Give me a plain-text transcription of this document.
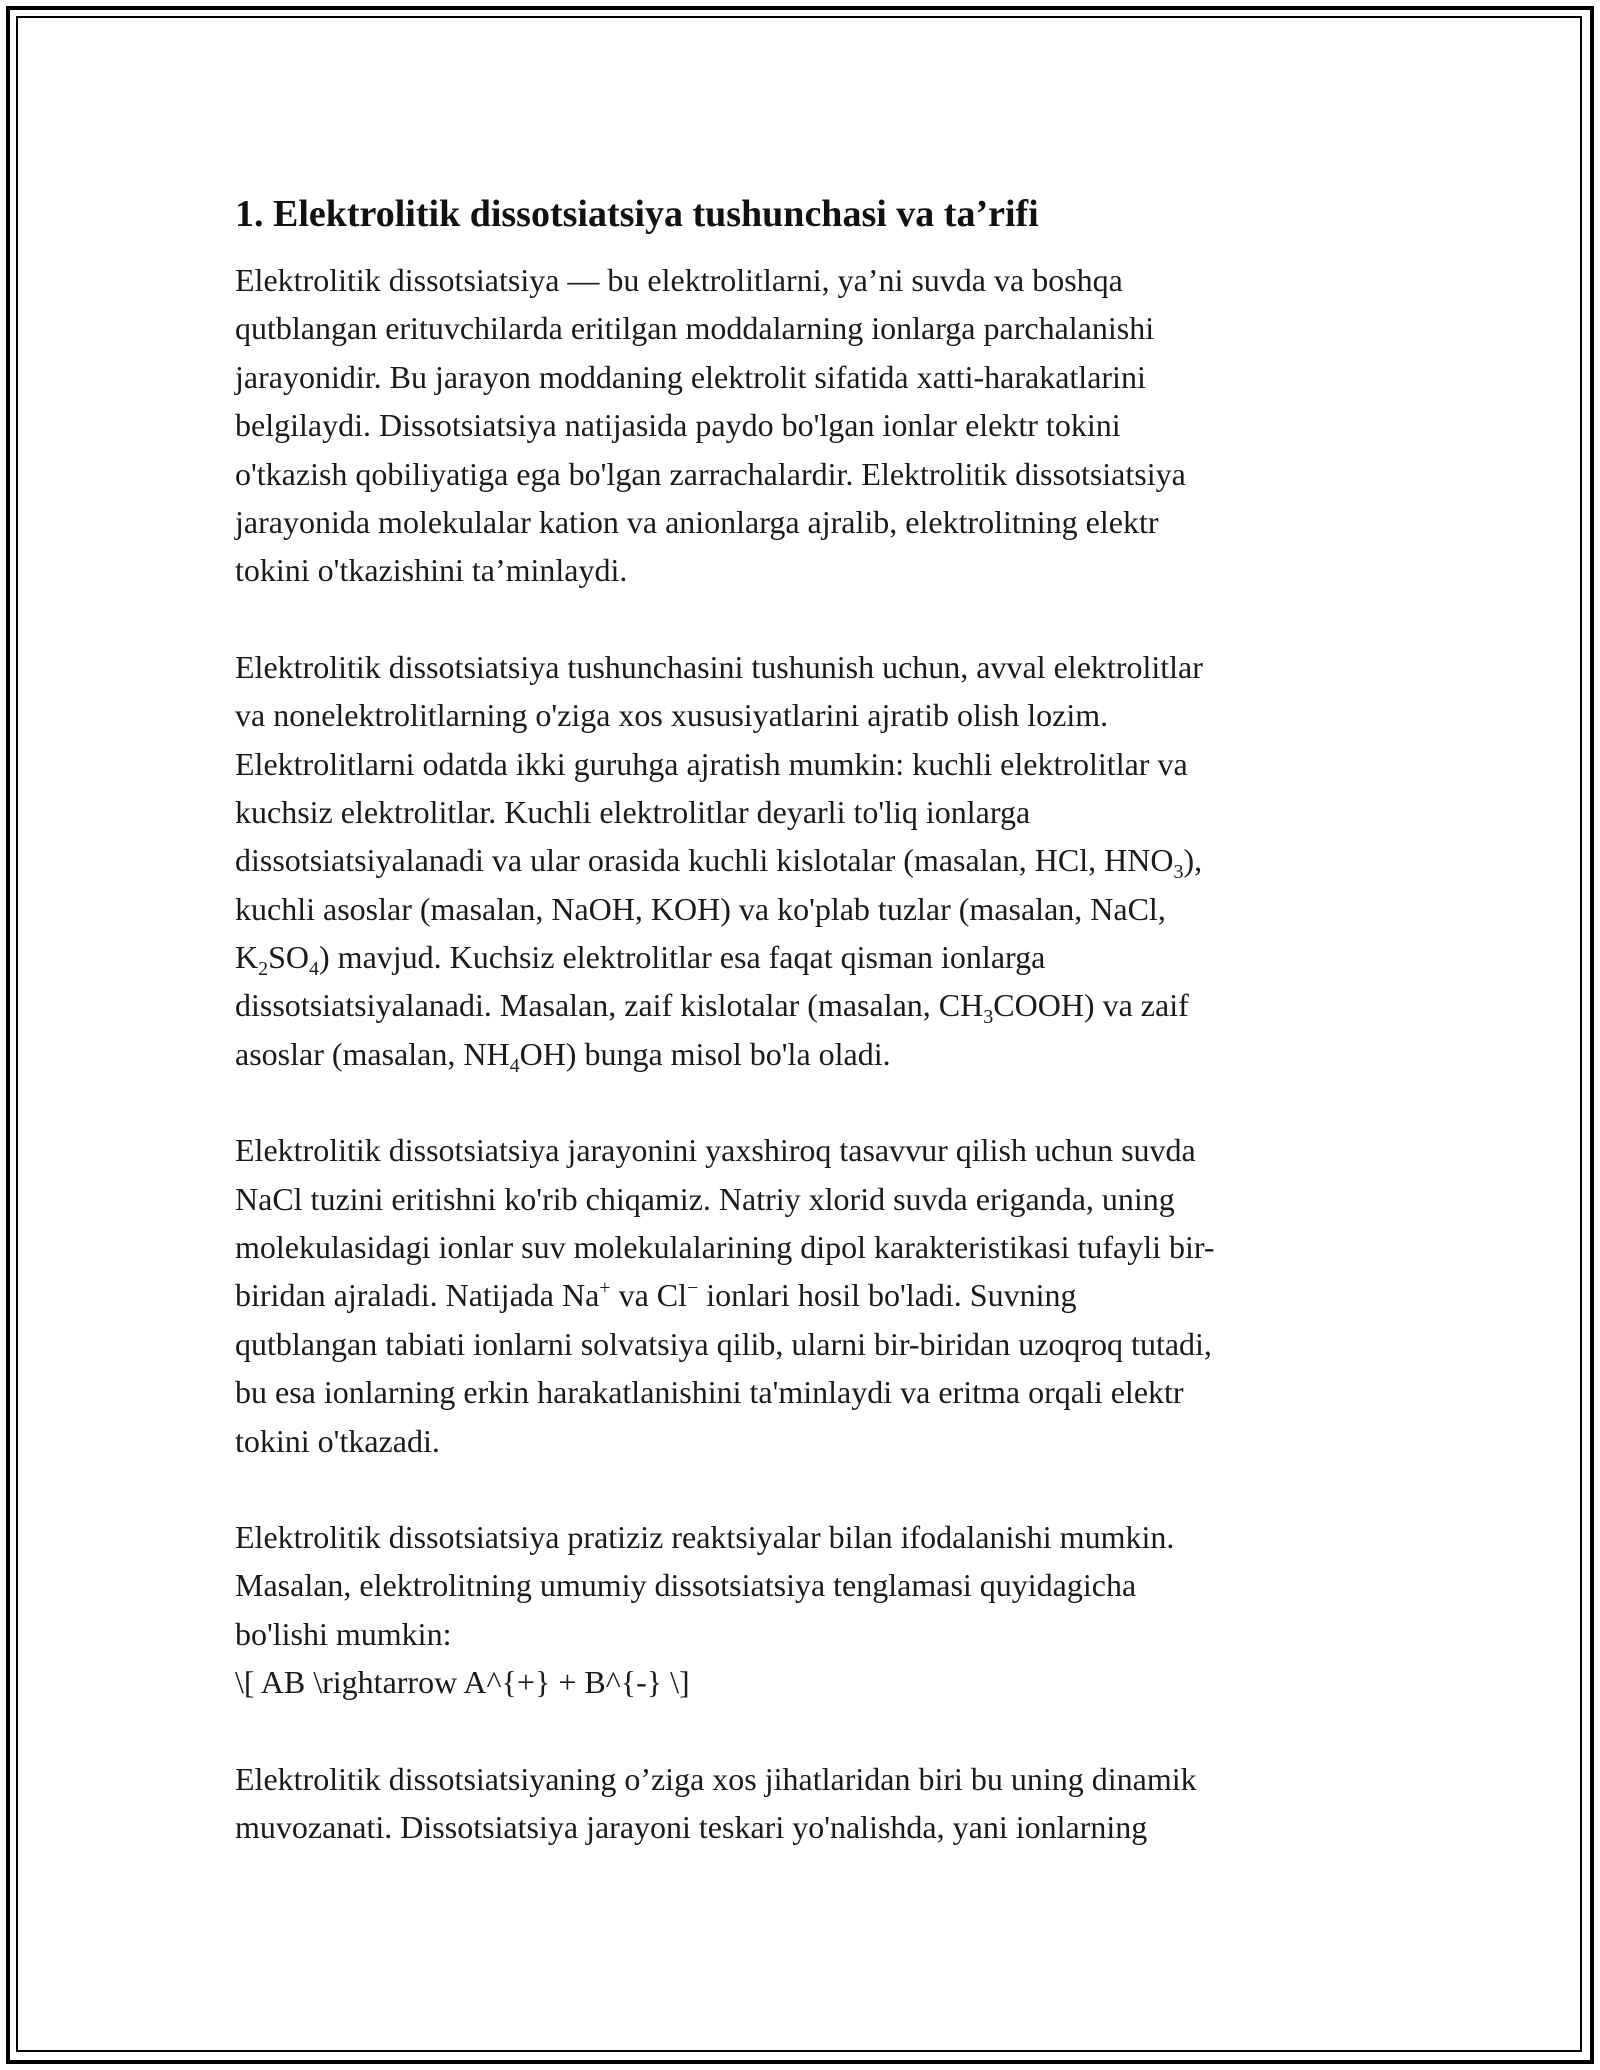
1. Elektrolitik dissotsiatsiya tushunchasi va ta’rifi
Elektrolitik dissotsiatsiya — bu elektrolitlarni, ya’ni suvda va boshqa
qutblangan erituvchilarda eritilgan moddalarning ionlarga parchalanishi
jarayonidir. Bu jarayon moddaning elektrolit sifatida xatti-harakatlarini
belgilaydi. Dissotsiatsiya natijasida paydo bo'lgan ionlar elektr tokini
o'tkazish qobiliyatiga ega bo'lgan zarrachalardir. Elektrolitik dissotsiatsiya
jarayonida molekulalar kation va anionlarga ajralib, elektrolitning elektr
tokini o'tkazishini ta’minlaydi.
Elektrolitik dissotsiatsiya tushunchasini tushunish uchun, avval elektrolitlar
va nonelektrolitlarning o'ziga xos xususiyatlarini ajratib olish lozim.
Elektrolitlarni odatda ikki guruhga ajratish mumkin: kuchli elektrolitlar va
kuchsiz elektrolitlar. Kuchli elektrolitlar deyarli to'liq ionlarga
dissotsiatsiyalanadi va ular orasida kuchli kislotalar (masalan, HCl, $HNO_3$),
kuchli asoslar (masalan, NaOH, KOH) va ko'plab tuzlar (masalan, NaCl,
$K_2SO_4$) mavjud. Kuchsiz elektrolitlar esa faqat qisman ionlarga
dissotsiatsiyalanadi. Masalan, zaif kislotalar (masalan, $CH_3COOH$) va zaif
asoslar (masalan, $NH_4OH$) bunga misol bo'la oladi.
Elektrolitik dissotsiatsiya jarayonini yaxshiroq tasavvur qilish uchun suvda
NaCl tuzini eritishni ko'rib chiqamiz. Natriy xlorid suvda eriganda, uning
molekulasidagi ionlar suv molekulalarining dipol karakteristikasi tufayli bir-
biridan ajraladi. Natijada Na+ va Cl− ionlari hosil bo'ladi. Suvning
qutblangan tabiati ionlarni solvatsiya qilib, ularni bir-biridan uzoqroq tutadi,
bu esa ionlarning erkin harakatlanishini ta'minlaydi va eritma orqali elektr
tokini o'tkazadi.
Elektrolitik dissotsiatsiya pratiziz reaktsiyalar bilan ifodalanishi mumkin.
Masalan, elektrolitning umumiy dissotsiatsiya tenglamasi quyidagicha
bo'lishi mumkin:
\[ AB \rightarrow A^{+} + B^{-} \]
Elektrolitik dissotsiatsiyaning o’ziga xos jihatlaridan biri bu uning dinamik
muvozanati. Dissotsiatsiya jarayoni teskari yo'nalishda, yani ionlarning
